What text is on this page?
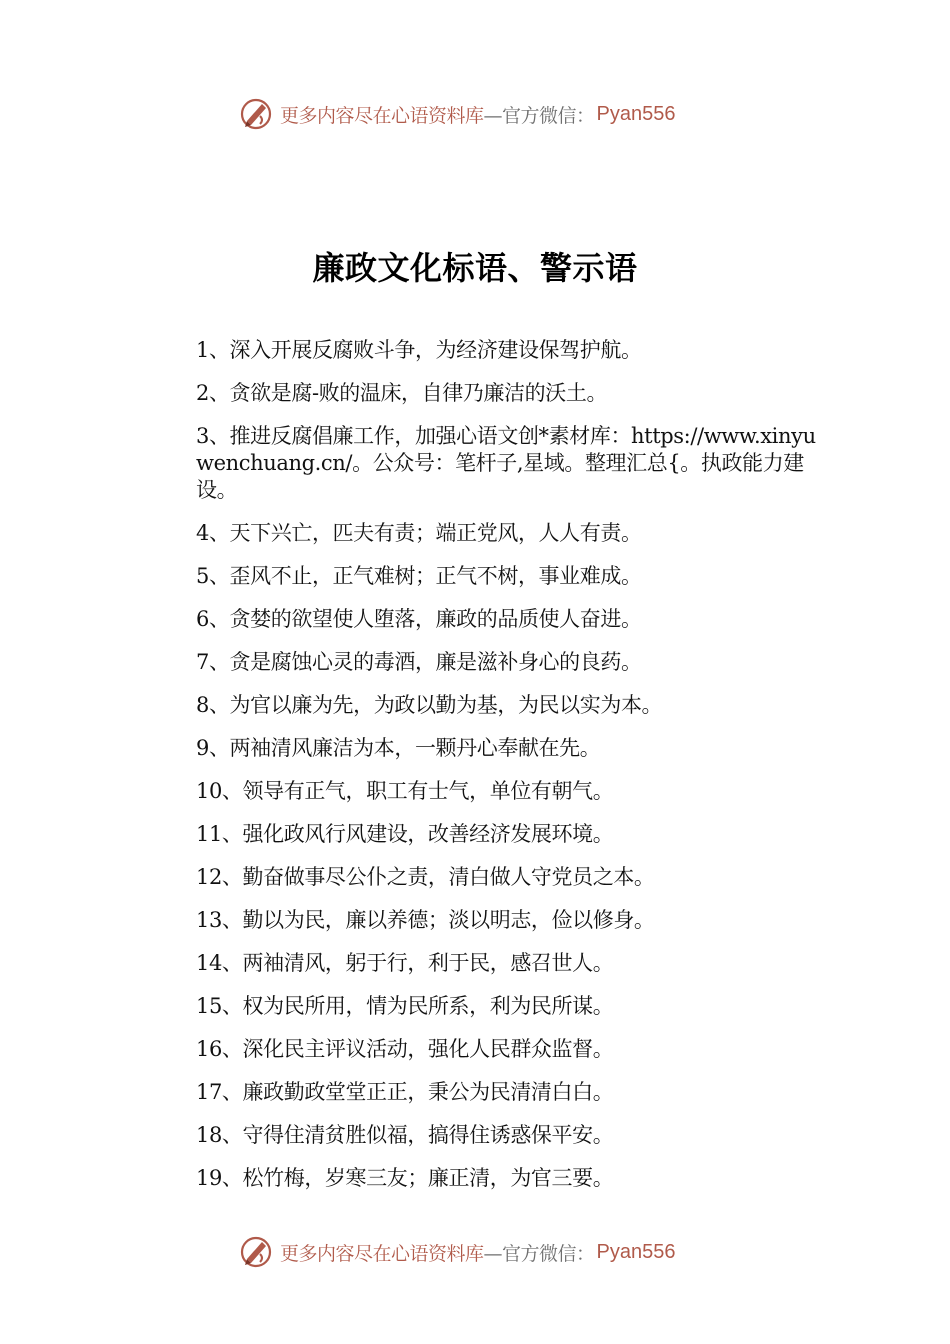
更多内容尽在心语资料库 —官方微信： Pyan556
廉政文化标语、警示语
1、深入开展反腐败斗争，为经济建设保驾护航。
2、贪欲是腐-败的温床，自律乃廉洁的沃土。
3、推进反腐倡廉工作，加强心语文创*素材库：https://www.xinyuwenchuang.cn/。公众号：笔杆子,星域。整理汇总{。执政能力建设。
4、天下兴亡，匹夫有责；端正党风，人人有责。
5、歪风不止，正气难树；正气不树，事业难成。
6、贪婪的欲望使人堕落，廉政的品质使人奋进。
7、贪是腐蚀心灵的毒酒，廉是滋补身心的良药。
8、为官以廉为先，为政以勤为基，为民以实为本。
9、两袖清风廉洁为本，一颗丹心奉献在先。
10、领导有正气，职工有士气，单位有朝气。
11、强化政风行风建设，改善经济发展环境。
12、勤奋做事尽公仆之责，清白做人守党员之本。
13、勤以为民，廉以养德；淡以明志，俭以修身。
14、两袖清风，躬于行，利于民，感召世人。
15、权为民所用，情为民所系，利为民所谋。
16、深化民主评议活动，强化人民群众监督。
17、廉政勤政堂堂正正，秉公为民清清白白。
18、守得住清贫胜似福，搞得住诱惑保平安。
19、松竹梅，岁寒三友；廉正清，为官三要。
更多内容尽在心语资料库 —官方微信： Pyan556
